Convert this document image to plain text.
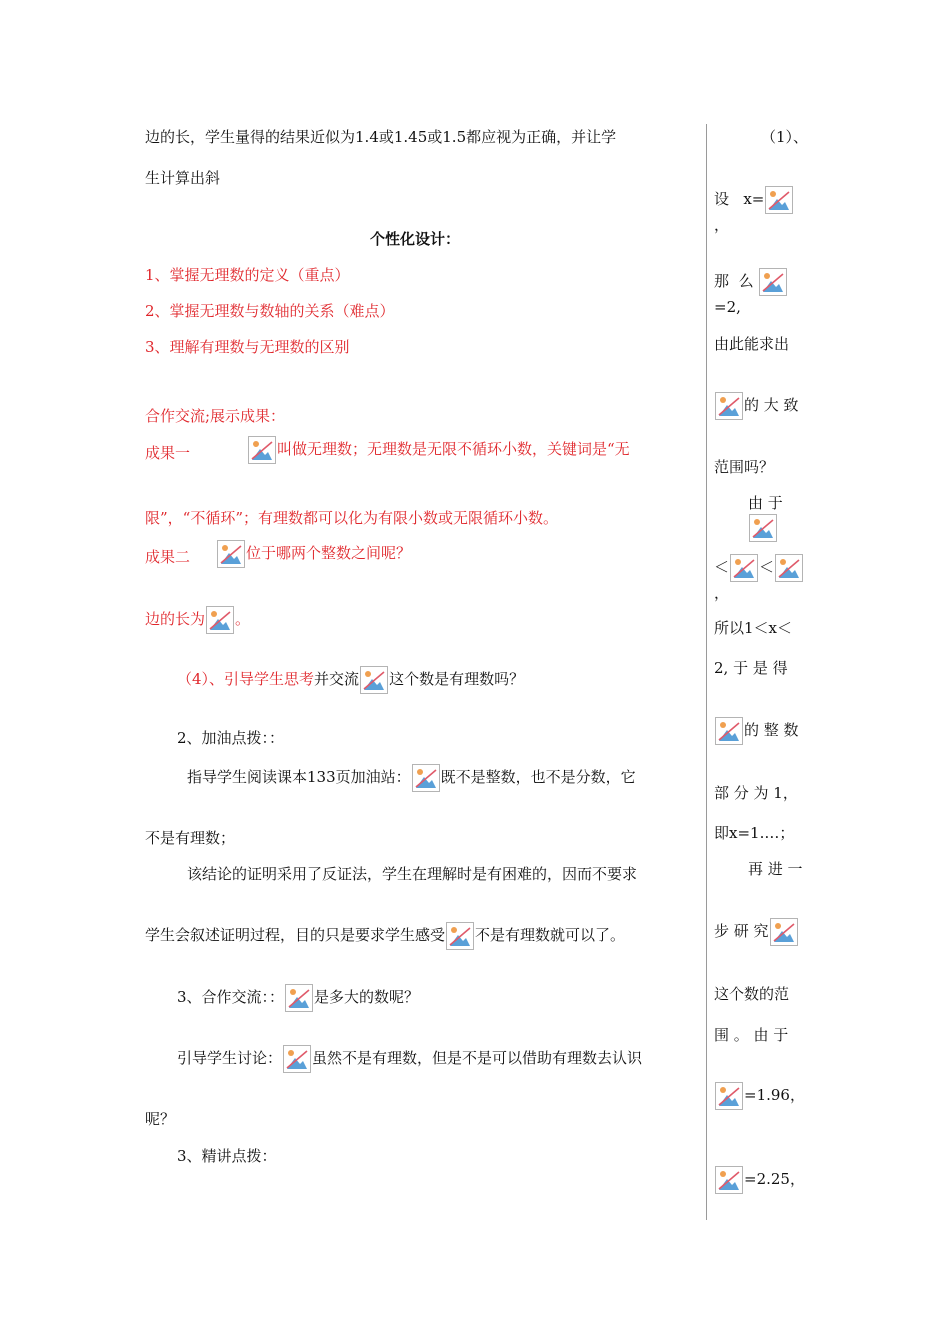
边的长，学生量得的结果近似为1.4或1.45或1.5都应视为正确，并让学
生计算出斜
个性化设计：
1、掌握无理数的定义（重点）
2、掌握无理数与数轴的关系（难点）
3、理解有理数与无理数的区别
合作交流;展示成果：
成果一	叫做无理数；无理数是无限不循环小数，关键词是“无
限”，“不循环”；有理数都可以化为有限小数或无限循环小数。
成果二	位于哪两个整数之间呢？
边的长为 。
（4）、引导学生思考并交流 这个数是有理数吗？
2、加油点拨：：
指导学生阅读课本133页加油站： 既不是整数，也不是分数，它
不是有理数；
该结论的证明采用了反证法，学生在理解时是有困难的，因而不要求
学生会叙述证明过程，目的只是要求学生感受 不是有理数就可以了。
3、合作交流：： 是多大的数呢？
引导学生讨论： 虽然不是有理数，但是不是可以借助有理数去认识
呢？
3、精讲点拨：
（1）、
设 x=
，
那 么
=2,
由此能求出
的 大 致
范围吗？
由 于
＜ ＜
，
所以1＜x＜
2, 于 是 得
的 整 数
部 分 为 1，
即x=1.…；
再 进 一
步 研 究
这个数的范
围 。 由 于
=1.96，
=2.25，
